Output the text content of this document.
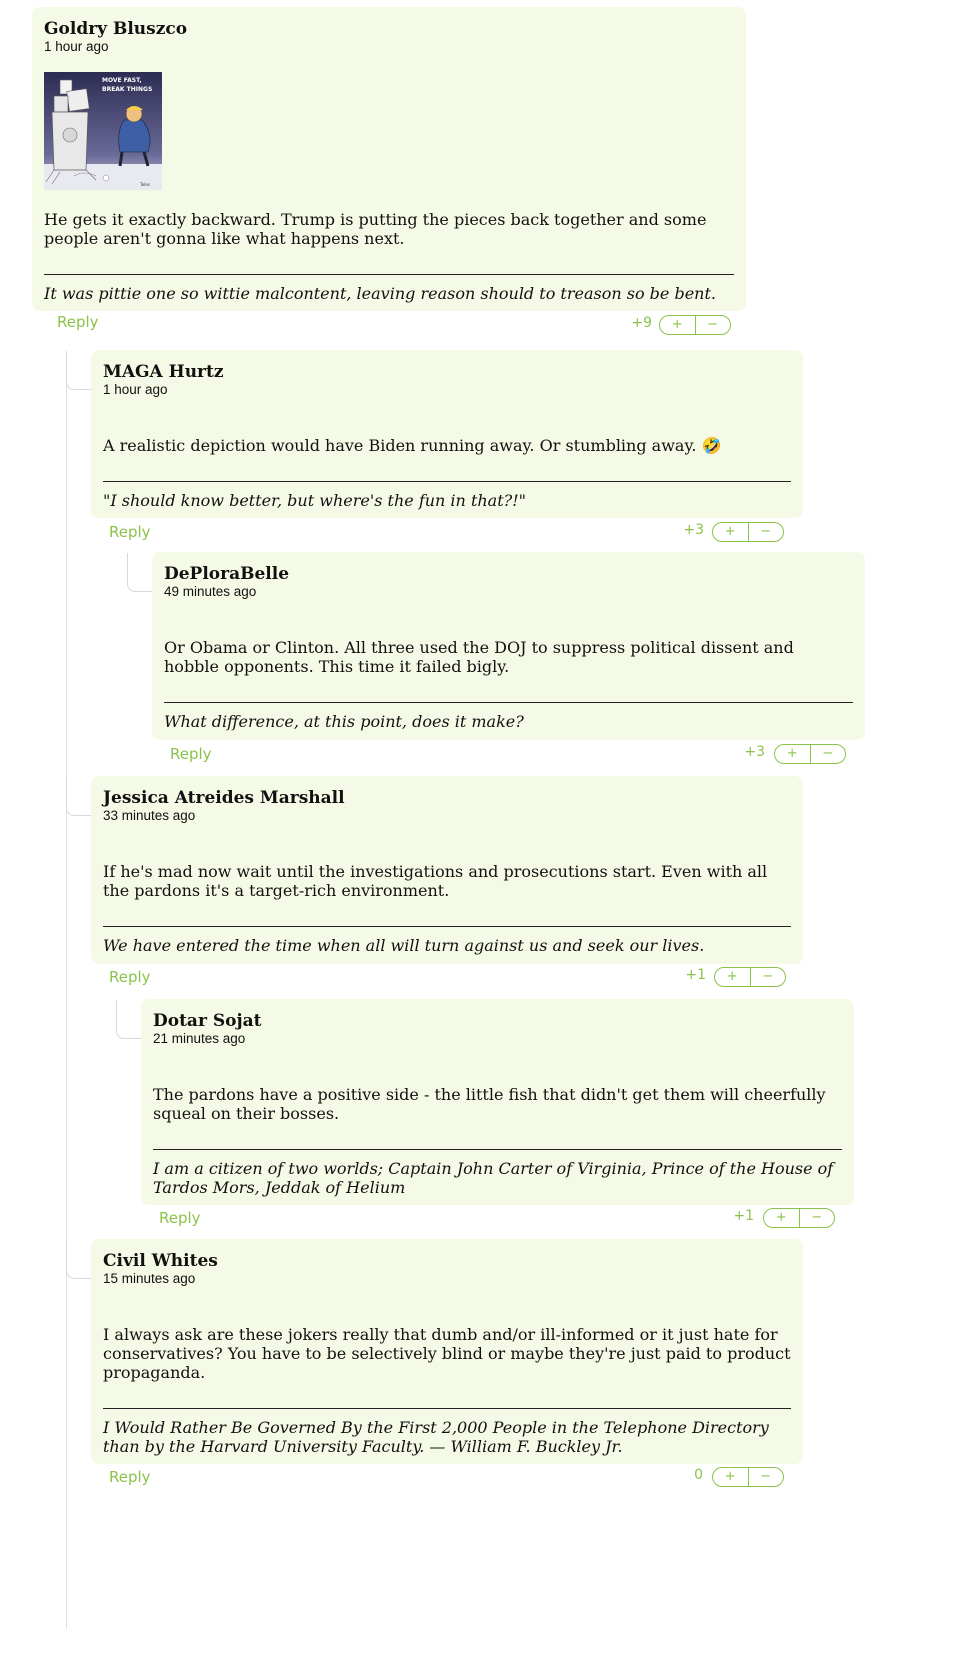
Goldry Bluszco
1 hour ago
MOVE FAST,
BREAK THINGS
Toles
He gets it exactly backward. Trump is putting the pieces back together and some people aren't gonna like what happens next.
It was pittie one so wittie malcontent, leaving reason should to treason so be bent.
Reply	+9	+	−
MAGA Hurtz
1 hour ago
A realistic depiction would have Biden running away. Or stumbling away. 🤣
"I should know better, but where's the fun in that?!"
Reply	+3	+	−
DePloraBelle
49 minutes ago
Or Obama or Clinton. All three used the DOJ to suppress political dissent and hobble opponents. This time it failed bigly.
What difference, at this point, does it make?
Reply	+3	+	−
Jessica Atreides Marshall
33 minutes ago
If he's mad now wait until the investigations and prosecutions start. Even with all the pardons it's a target-rich environment.
We have entered the time when all will turn against us and seek our lives.
Reply	+1	+	−
Dotar Sojat
21 minutes ago
The pardons have a positive side - the little fish that didn't get them will cheerfully squeal on their bosses.
I am a citizen of two worlds; Captain John Carter of Virginia, Prince of the House of Tardos Mors, Jeddak of Helium
Reply	+1	+	−
Civil Whites
15 minutes ago
I always ask are these jokers really that dumb and/or ill-informed or it just hate for conservatives? You have to be selectively blind or maybe they're just paid to product propaganda.
I Would Rather Be Governed By the First 2,000 People in the Telephone Directory than by the Harvard University Faculty. — William F. Buckley Jr.
Reply	0	+	−
